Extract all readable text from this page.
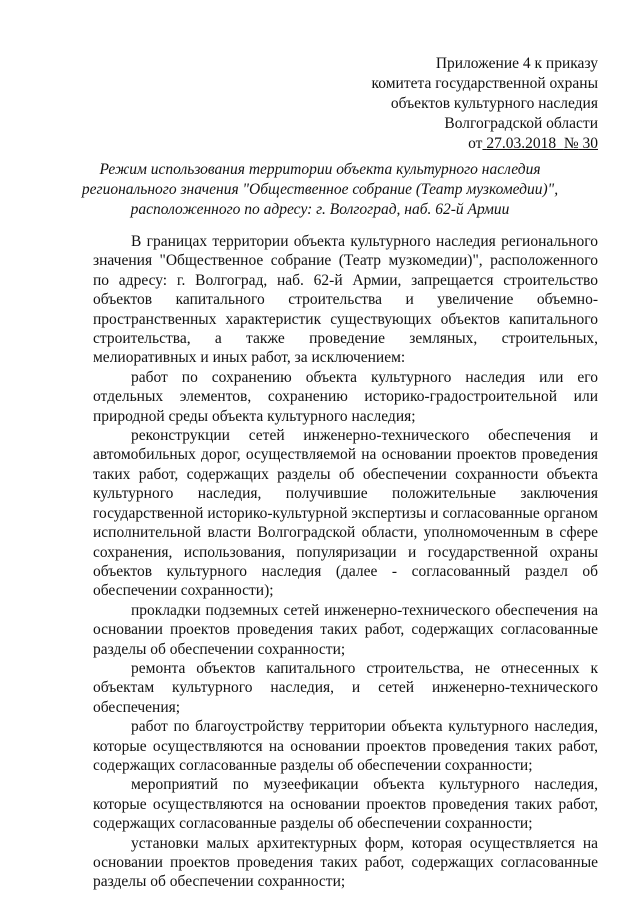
Приложение 4 к приказу
комитета государственной охраны
объектов культурного наследия
Волгоградской области
от 27.03.2018 № 30
Режим использования территории объекта культурного наследия
регионального значения "Общественное собрание (Театр музкомедии)",
расположенного по адресу: г. Волгоград, наб. 62-й Армии

В границах территории объекта культурного наследия регионального значения "Общественное собрание (Театр музкомедии)", расположенного по адресу: г. Волгоград, наб. 62-й Армии, запрещается строительство объектов капитального строительства и увеличение объемно-пространственных характеристик существующих объектов капитального строительства, а также проведение земляных, строительных, мелиоративных и иных работ, за исключением:

работ по сохранению объекта культурного наследия или его отдельных элементов, сохранению историко-градостроительной или природной среды объекта культурного наследия;

реконструкции сетей инженерно-технического обеспечения и автомобильных дорог, осуществляемой на основании проектов проведения таких работ, содержащих разделы об обеспечении сохранности объекта культурного наследия, получившие положительные заключения государственной историко-культурной экспертизы и согласованные органом исполнительной власти Волгоградской области, уполномоченным в сфере сохранения, использования, популяризации и государственной охраны объектов культурного наследия (далее - согласованный раздел об обеспечении сохранности);

прокладки подземных сетей инженерно-технического обеспечения на основании проектов проведения таких работ, содержащих согласованные разделы об обеспечении сохранности;

ремонта объектов капитального строительства, не отнесенных к объектам культурного наследия, и сетей инженерно-технического обеспечения;

работ по благоустройству территории объекта культурного наследия, которые осуществляются на основании проектов проведения таких работ, содержащих согласованные разделы об обеспечении сохранности;

мероприятий по музеефикации объекта культурного наследия, которые осуществляются на основании проектов проведения таких работ, содержащих согласованные разделы об обеспечении сохранности;

установки малых архитектурных форм, которая осуществляется на основании проектов проведения таких работ, содержащих согласованные разделы об обеспечении сохранности;
